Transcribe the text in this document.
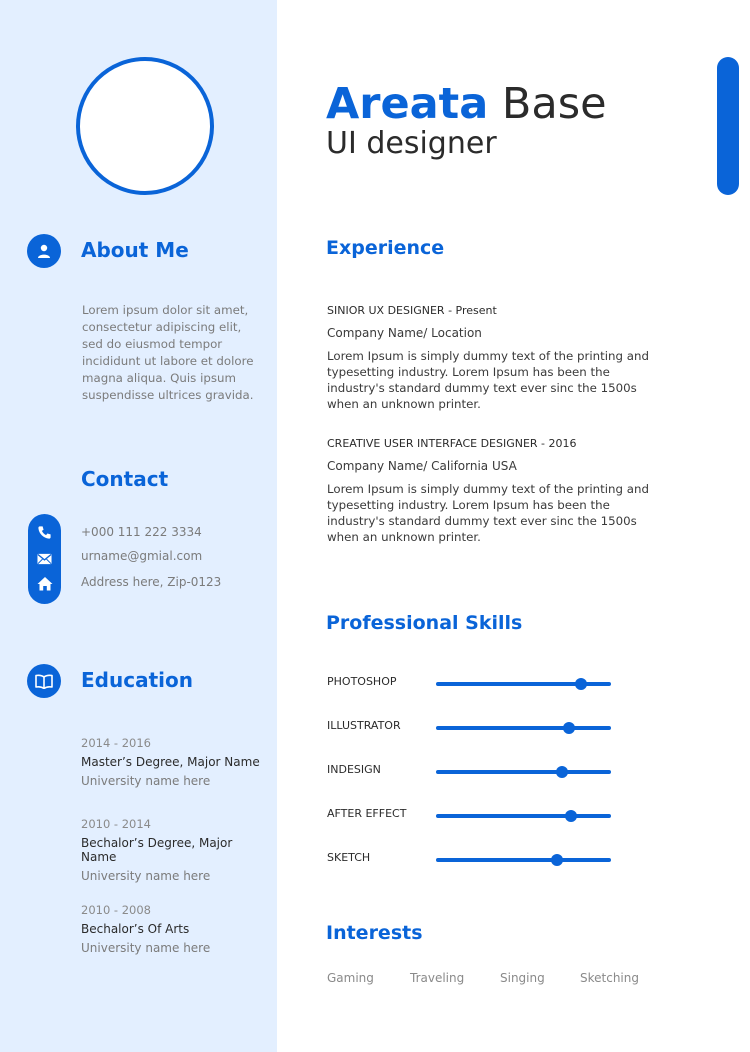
About Me
Lorem ipsum dolor sit amet, consectetur adipiscing elit, sed do eiusmod tempor incididunt ut labore et dolore magna aliqua. Quis ipsum suspendisse ultrices gravida.
Contact
+000 111 222 3334
urname@gmial.com
Address here, Zip-0123
Education
2014 - 2016
Master’s Degree, Major Name
University name here
2010 - 2014
Bechalor’s Degree, Major Name
University name here
2010 - 2008
Bechalor’s Of Arts
University name here
Areata Base
UI designer
Experience
SINIOR UX DESIGNER - Present
Company Name/ Location
Lorem Ipsum is simply dummy text of the printing and typesetting industry. Lorem Ipsum has been the industry's standard dummy text ever sinc the 1500s when an unknown printer.
CREATIVE USER INTERFACE DESIGNER - 2016
Company Name/ California USA
Lorem Ipsum is simply dummy text of the printing and typesetting industry. Lorem Ipsum has been the industry's standard dummy text ever sinc the 1500s when an unknown printer.
Professional Skills
PHOTOSHOP
ILLUSTRATOR
INDESIGN
AFTER EFFECT
SKETCH
Interests
Gaming	Traveling	Singing	Sketching
